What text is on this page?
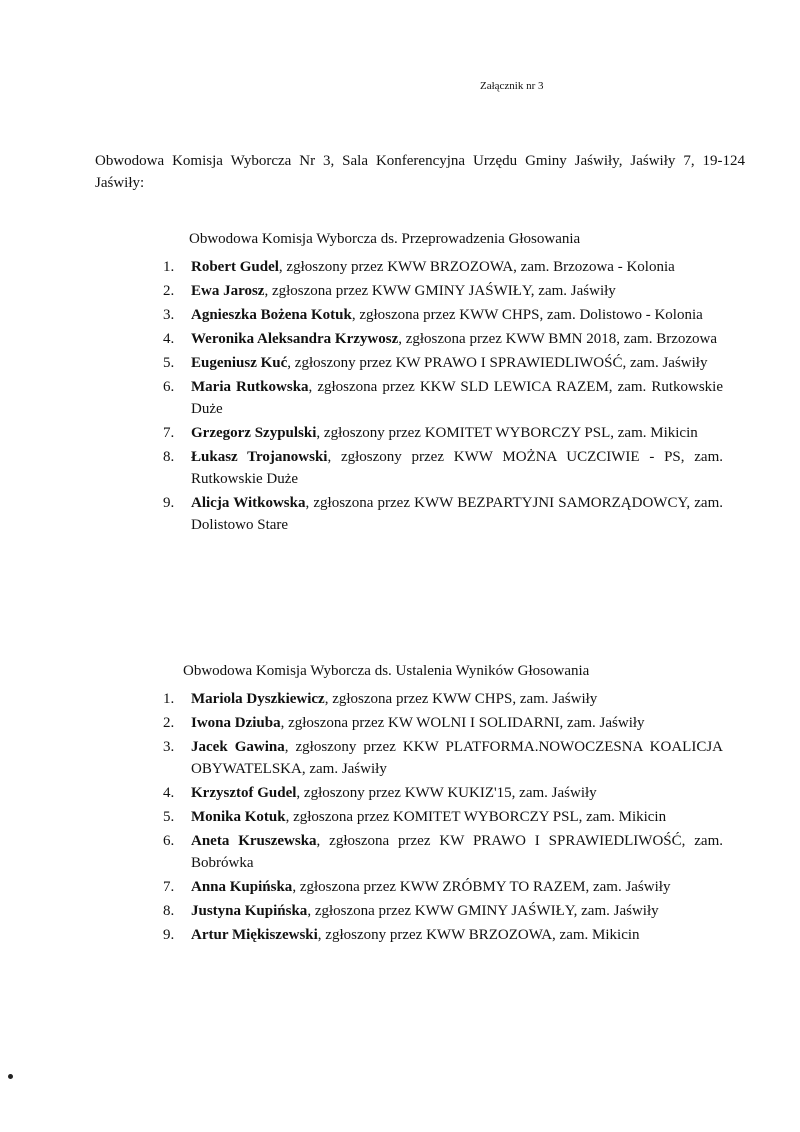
Załącznik nr 3
Obwodowa Komisja Wyborcza Nr 3, Sala Konferencyjna Urzędu Gminy Jaświły, Jaświły 7, 19-124 Jaświły:
Obwodowa Komisja Wyborcza ds. Przeprowadzenia Głosowania
1.	Robert Gudel, zgłoszony przez KWW BRZOZOWA, zam. Brzozowa - Kolonia
2.	Ewa Jarosz, zgłoszona przez KWW GMINY JAŚWIŁY, zam. Jaświły
3.	Agnieszka Bożena Kotuk, zgłoszona przez KWW CHPS, zam. Dolistowo - Kolonia
4.	Weronika Aleksandra Krzywosz, zgłoszona przez KWW BMN 2018, zam. Brzozowa
5.	Eugeniusz Kuć, zgłoszony przez KW PRAWO I SPRAWIEDLIWOŚĆ, zam. Jaświły
6.	Maria Rutkowska, zgłoszona przez KKW SLD LEWICA RAZEM, zam. Rutkowskie Duże
7.	Grzegorz Szypulski, zgłoszony przez KOMITET WYBORCZY PSL, zam. Mikicin
8.	Łukasz Trojanowski, zgłoszony przez KWW MOŻNA UCZCIWIE - PS, zam. Rutkowskie Duże
9.	Alicja Witkowska, zgłoszona przez KWW BEZPARTYJNI SAMORZĄDOWCY, zam. Dolistowo Stare
Obwodowa Komisja Wyborcza ds. Ustalenia Wyników Głosowania
1.	Mariola Dyszkiewicz, zgłoszona przez KWW CHPS, zam. Jaświły
2.	Iwona Dziuba, zgłoszona przez KW WOLNI I SOLIDARNI, zam. Jaświły
3.	Jacek Gawina, zgłoszony przez KKW PLATFORMA.NOWOCZESNA KOALICJA OBYWATELSKA, zam. Jaświły
4.	Krzysztof Gudel, zgłoszony przez KWW KUKIZ'15, zam. Jaświły
5.	Monika Kotuk, zgłoszona przez KOMITET WYBORCZY PSL, zam. Mikicin
6.	Aneta Kruszewska, zgłoszona przez KW PRAWO I SPRAWIEDLIWOŚĆ, zam. Bobrówka
7.	Anna Kupińska, zgłoszona przez KWW ZRÓBMY TO RAZEM, zam. Jaświły
8.	Justyna Kupińska, zgłoszona przez KWW GMINY JAŚWIŁY, zam. Jaświły
9.	Artur Miękiszewski, zgłoszony przez KWW BRZOZOWA, zam. Mikicin
